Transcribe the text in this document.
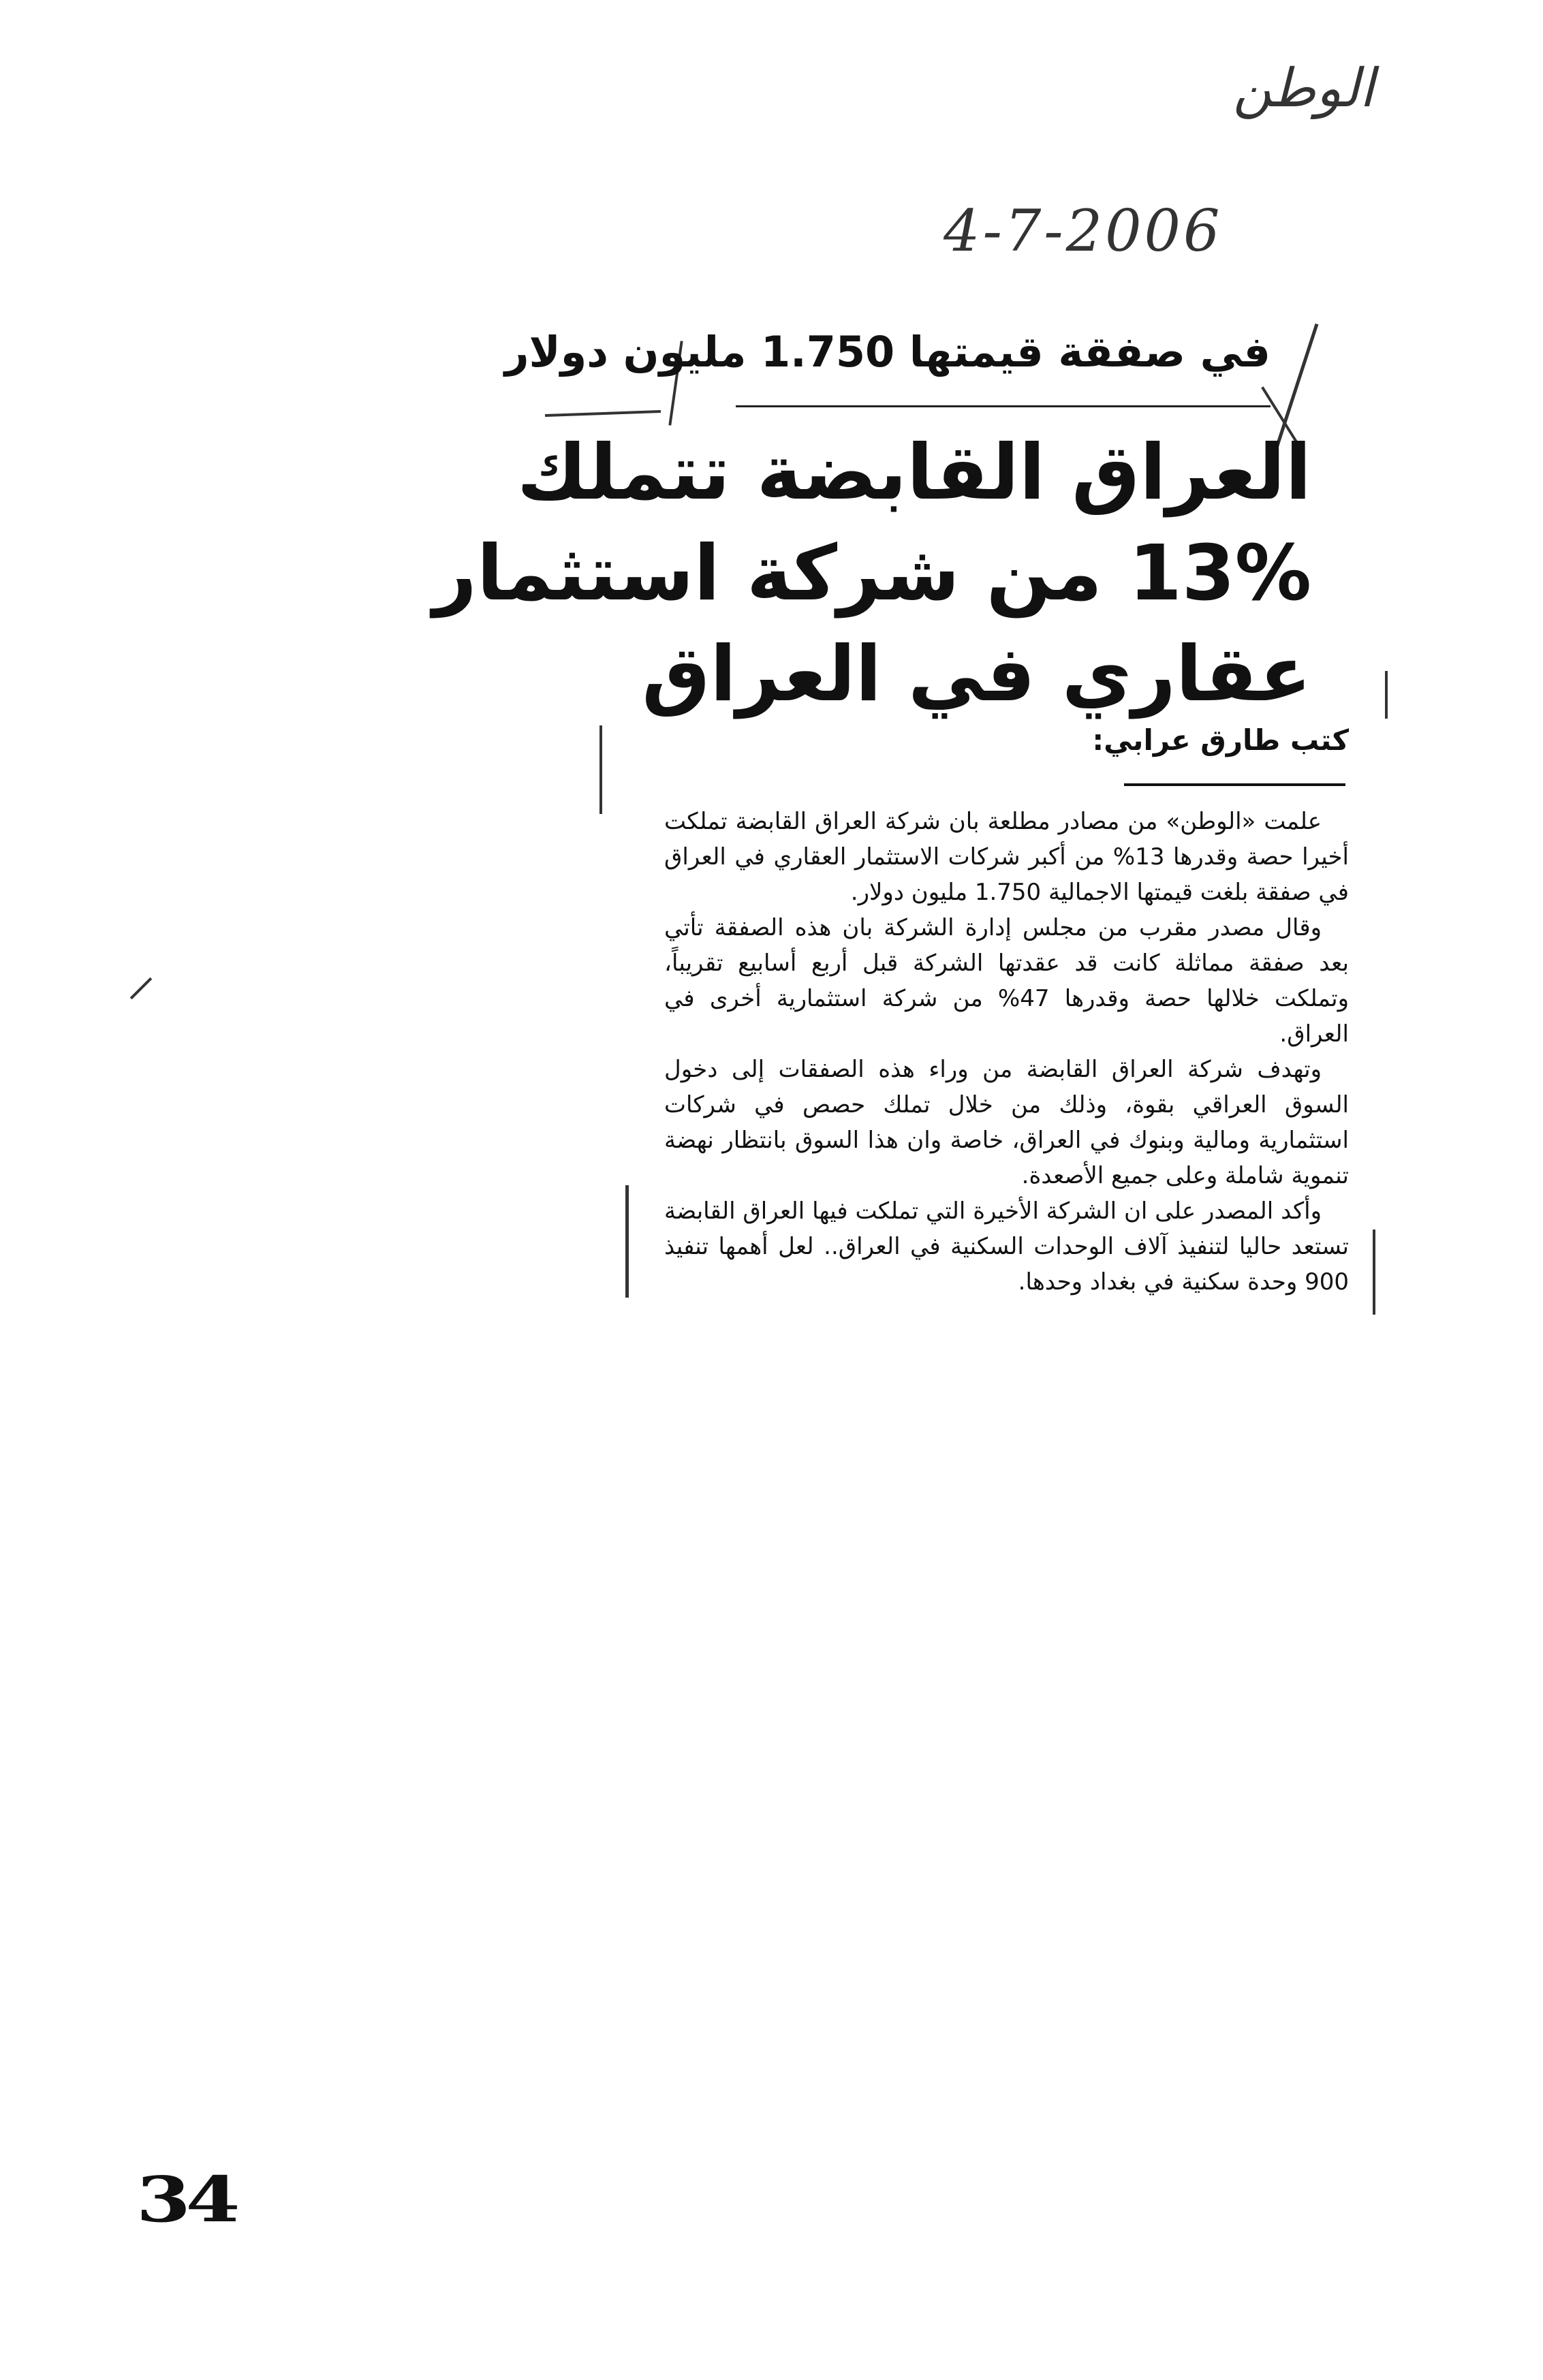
الوطن
4-7-2006
في صفقة قيمتها 1.750 مليون دولار
العراق القابضة تتملك
13% من شركة استثمار
عقاري في العراق
كتب طارق عرابي:

علمت «الوطن» من مصادر مطلعة بان شركة العراق القابضة تملكت أخيرا حصة وقدرها 13% من أكبر شركات الاستثمار العقاري في العراق في صفقة بلغت قيمتها الاجمالية 1.750 مليون دولار.

وقال مصدر مقرب من مجلس إدارة الشركة بان هذه الصفقة تأتي بعد صفقة مماثلة كانت قد عقدتها الشركة قبل أربع أسابيع تقريباً، وتملكت خلالها حصة وقدرها 47% من شركة استثمارية أخرى في العراق.

وتهدف شركة العراق القابضة من وراء هذه الصفقات إلى دخول السوق العراقي بقوة، وذلك من خلال تملك حصص في شركات استثمارية ومالية وبنوك في العراق، خاصة وان هذا السوق بانتظار نهضة تنموية شاملة وعلى جميع الأصعدة.

وأكد المصدر على ان الشركة الأخيرة التي تملكت فيها العراق القابضة تستعد حاليا لتنفيذ آلاف الوحدات السكنية في العراق.. لعل أهمها تنفيذ 900 وحدة سكنية في بغداد وحدها.

34
